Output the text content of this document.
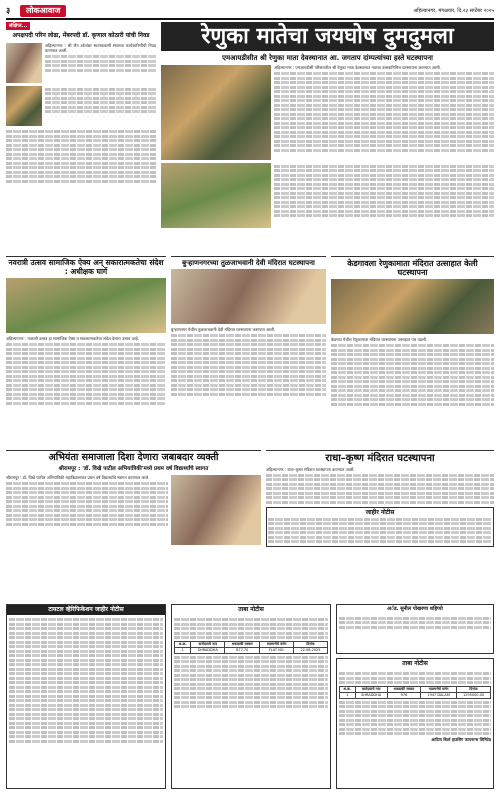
३	लोकआवाज	अहिल्यानगर, मंगळवार, दि.२३ सप्टेंबर २०२५
संक्षिप्त...
अपक्षपदी परिन लोढा, मेंबरपदी डॉ. कृणाल कोठारी यांची निवड

अहिल्यानगर : श्री जैन श्वेतांबर स्थानकवासी संघाच्या कार्यकारिणीची निवड करण्यात आली.

रेणुका मातेचा जयघोष दुमदुमला
एमआयडीसीत श्री रेणुका माता देवस्थानात आ. जगताप दांम्पत्यांच्या हस्ते घटस्थापना

अहिल्यानगर : एमआयडीसी परिसरातील श्री रेणुका माता देवस्थानात नवरात्र उत्सवानिमित्त घटस्थापना करण्यात आली.

नवरात्री उत्सव सामाजिक ऐक्य अन् सकारात्मकतेचा संदेश : अधीक्षक घार्गे

अहिल्यानगर : नवरात्री उत्सव हा सामाजिक ऐक्य व सकारात्मकतेचा संदेश देणारा उत्सव आहे.

बुऱ्हाणनगरच्या तुळजाभवानी देवी मंदिरात घटस्थापना

बुऱ्हाणनगर येथील तुळजाभवानी देवी मंदिरात घटस्थापना करण्यात आली.

केडगावला रेणुकामाता मंदिरात उत्साहात केली घटस्थापना

केडगाव येथील रेणुकामाता मंदिरात घटस्थापना उत्साहात पार पडली.

अभियंता समाजाला दिशा देणारा जबाबदार व्यक्ती
श्रीरामपूर : 'डॉ. विखे पाटील अभियांत्रिकी'मध्ये प्रथम वर्ष विद्यार्थ्यांचे स्वागत

श्रीरामपूर : डॉ. विखे पाटील अभियांत्रिकी महाविद्यालयात प्रथम वर्ष विद्यार्थ्यांचे स्वागत करण्यात आले.

राधा–कृष्ण मंदिरात घटस्थापना

अहिल्यानगर : राधा–कृष्ण मंदिरात घटस्थापना करण्यात आली.

जाहीर नोटीस
टायटल व्हेरिफिकेशन जाहीर नोटीस	ताबा नोटीस
अ.क्र.	कर्जदाराचे नाव	थकबाकी रक्कम	मालमत्तेचे वर्णन	दिनांक
1	SHRADDHA	877.70	FLAT NO.	22.08.2025
अॅड. सुनील पोखरणा शहिप्पो
ताबा नोटीस
अ.क्र.	कर्जदाराचे नाव	थकबाकी रक्कम	मालमत्तेचे वर्णन	दिनांक
1	SHRADDHA	976	1947 DALAM	1295000.00
आदित्य बिर्ला हाउसिंग फायनान्स लिमिटेड
